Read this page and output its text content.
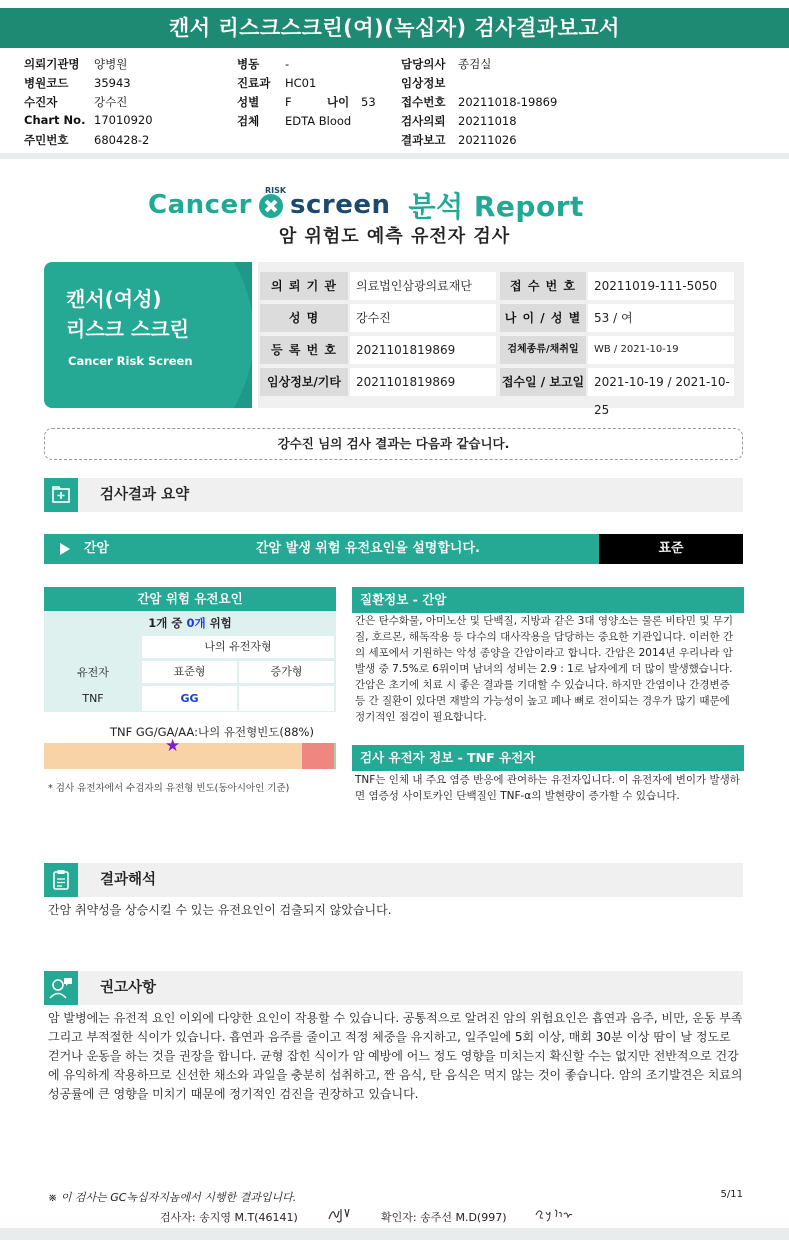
캔서 리스크스크린(여)(녹십자) 검사결과보고서
의뢰기관명 양병원
병원코드 35943
수진자	강수진
Chart No. 17010920
주민번호 680428-2
병동 -
진료과 HC01
성별 F	나이 53
검체 EDTA Blood
담당의사 종검실
임상정보
접수번호 20211018-19869
검사의뢰 20211018
결과보고 20211026
Cancer screen 분석 Report
RISK
암 위험도 예측 유전자 검사
캔서(여성)
리스크 스크린
Cancer Risk Screen
의 뢰 기 관	의료법인삼광의료재단	접 수 번 호	20211019-111-5050
성 명	강수진	나 이 / 성 별	53 / 여
등 록 번 호	2021101819869	검체종류/채취일	WB / 2021-10-19
임상정보/기타	2021101819869	접수일 / 보고일 2021-10-19 / 2021-10-25
강수진 님의 검사 결과는 다음과 같습니다.
검사결과 요약
간암	간암 발생 위험 유전요인을 설명합니다.	표준
간암 위험 유전요인
1개 중 0개 위험
나의 유전자형
유전자	표준형	증가형
TNF	GG
TNF GG/GA/AA:나의 유전형빈도(88%)
★
* 검사 유전자에서 수검자의 유전형 빈도(동아시아인 기준)
질환정보 - 간암
간은 탄수화물, 아미노산 및 단백질, 지방과 같은 3대 영양소는 물론 비타민 및 무기질, 호르몬, 해독작용 등 다수의 대사작용을 담당하는 중요한 기관입니다. 이러한 간의 세포에서 기원하는 악성 종양을 간암이라고 합니다. 간암은 2014년 우리나라 암 발생 중 7.5%로 6위이며 남녀의 성비는 2.9 : 1로 남자에게 더 많이 발생했습니다. 간암은 초기에 치료 시 좋은 결과를 기대할 수 있습니다. 하지만 간염이나 간경변증 등 간 질환이 있다면 재발의 가능성이 높고 폐나 뼈로 전이되는 경우가 많기 때문에 정기적인 점검이 필요합니다.
검사 유전자 정보 - TNF 유전자
TNF는 인체 내 주요 염증 반응에 관여하는 유전자입니다. 이 유전자에 변이가 발생하면 염증성 사이토카인 단백질인 TNF-α의 발현량이 증가할 수 있습니다.
결과해석
간암 취약성을 상승시킬 수 있는 유전요인이 검출되지 않았습니다.
권고사항
암 발병에는 유전적 요인 이외에 다양한 요인이 작용할 수 있습니다. 공통적으로 알려진 암의 위험요인은 흡연과 음주, 비만, 운동 부족 그리고 부적절한 식이가 있습니다. 흡연과 음주를 줄이고 적정 체중을 유지하고, 일주일에 5회 이상, 매회 30분 이상 땀이 날 정도로 걷거나 운동을 하는 것을 권장을 합니다. 균형 잡힌 식이가 암 예방에 어느 정도 영향을 미치는지 확신할 수는 없지만 전반적으로 건강에 유익하게 작용하므로 신선한 채소와 과일을 충분히 섭취하고, 짠 음식, 탄 음식은 먹지 않는 것이 좋습니다. 암의 조기발견은 치료의 성공률에 큰 영향을 미치기 때문에 정기적인 검진을 권장하고 있습니다.
※ 이 검사는 GC녹십자지놈에서 시행한 결과입니다.	5/11
검사자: 송지영 M.T(46141)	확인자: 송주선 M.D(997)
